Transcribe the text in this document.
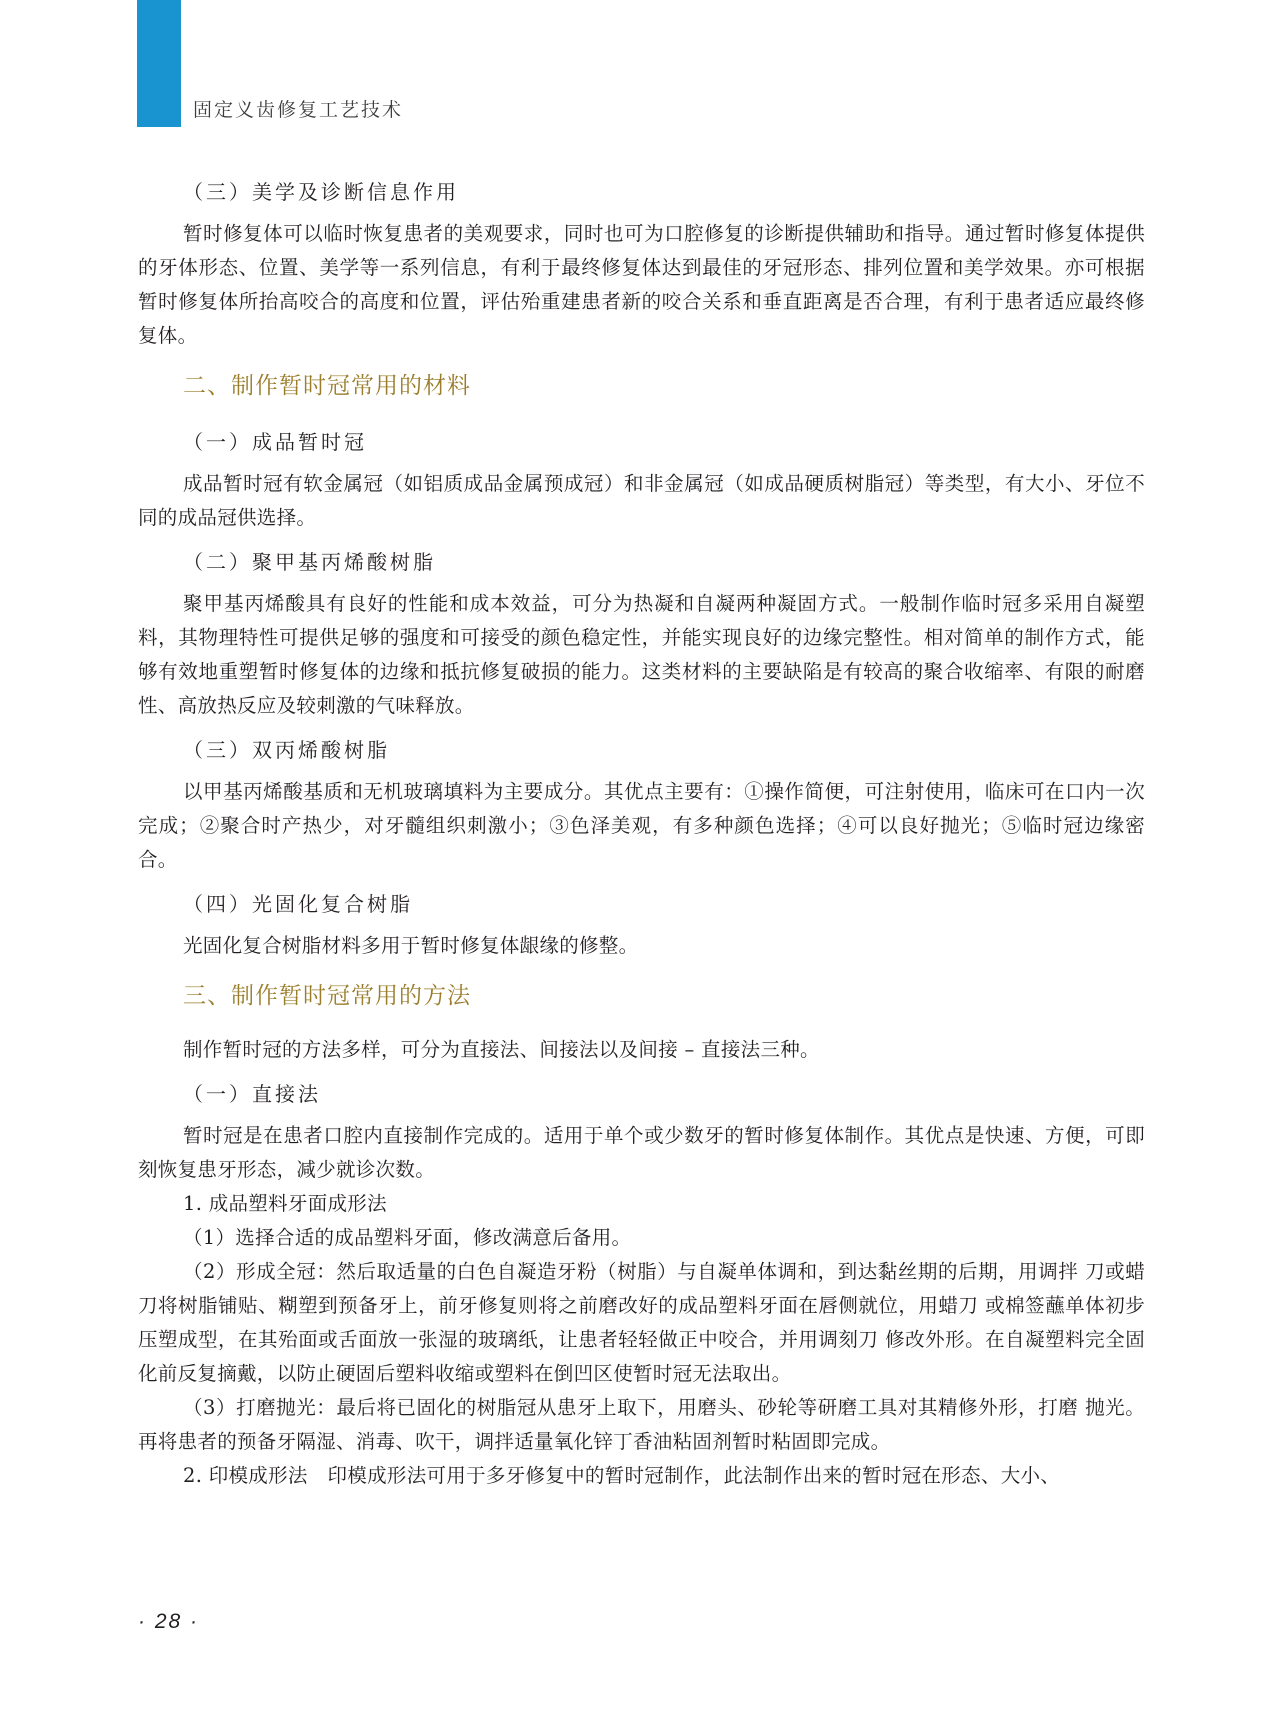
固定义齿修复工艺技术
（三）美学及诊断信息作用

暂时修复体可以临时恢复患者的美观要求，同时也可为口腔修复的诊断提供辅助和指导。通过暂时修复体提供的牙体形态、位置、美学等一系列信息，有利于最终修复体达到最佳的牙冠形态、排列位置和美学效果。亦可根据暂时修复体所抬高咬合的高度和位置，评估殆重建患者新的咬合关系和垂直距离是否合理，有利于患者适应最终修复体。

二、制作暂时冠常用的材料
（一）成品暂时冠

成品暂时冠有软金属冠（如铝质成品金属预成冠）和非金属冠（如成品硬质树脂冠）等类型，有大小、牙位不同的成品冠供选择。

（二）聚甲基丙烯酸树脂

聚甲基丙烯酸具有良好的性能和成本效益，可分为热凝和自凝两种凝固方式。一般制作临时冠多采用自凝塑料，其物理特性可提供足够的强度和可接受的颜色稳定性，并能实现良好的边缘完整性。相对简单的制作方式，能够有效地重塑暂时修复体的边缘和抵抗修复破损的能力。这类材料的主要缺陷是有较高的聚合收缩率、有限的耐磨性、高放热反应及较刺激的气味释放。

（三）双丙烯酸树脂

以甲基丙烯酸基质和无机玻璃填料为主要成分。其优点主要有：①操作简便，可注射使用，临床可在口内一次完成；②聚合时产热少，对牙髓组织刺激小；③色泽美观，有多种颜色选择；④可以良好抛光；⑤临时冠边缘密合。

（四）光固化复合树脂

光固化复合树脂材料多用于暂时修复体龈缘的修整。

三、制作暂时冠常用的方法

制作暂时冠的方法多样，可分为直接法、间接法以及间接 – 直接法三种。

（一）直接法

暂时冠是在患者口腔内直接制作完成的。适用于单个或少数牙的暂时修复体制作。其优点是快速、方便，可即刻恢复患牙形态，减少就诊次数。

1. 成品塑料牙面成形法

（1）选择合适的成品塑料牙面，修改满意后备用。

（2）形成全冠：然后取适量的白色自凝造牙粉（树脂）与自凝单体调和，到达黏丝期的后期，用调拌 刀或蜡刀将树脂铺贴、糊塑到预备牙上，前牙修复则将之前磨改好的成品塑料牙面在唇侧就位，用蜡刀 或棉签蘸单体初步压塑成型，在其殆面或舌面放一张湿的玻璃纸，让患者轻轻做正中咬合，并用调刻刀 修改外形。在自凝塑料完全固化前反复摘戴，以防止硬固后塑料收缩或塑料在倒凹区使暂时冠无法取出。

（3）打磨抛光：最后将已固化的树脂冠从患牙上取下，用磨头、砂轮等研磨工具对其精修外形，打磨 抛光。再将患者的预备牙隔湿、消毒、吹干，调拌适量氧化锌丁香油粘固剂暂时粘固即完成。

2. 印模成形法　印模成形法可用于多牙修复中的暂时冠制作，此法制作出来的暂时冠在形态、大小、

· 28 ·
